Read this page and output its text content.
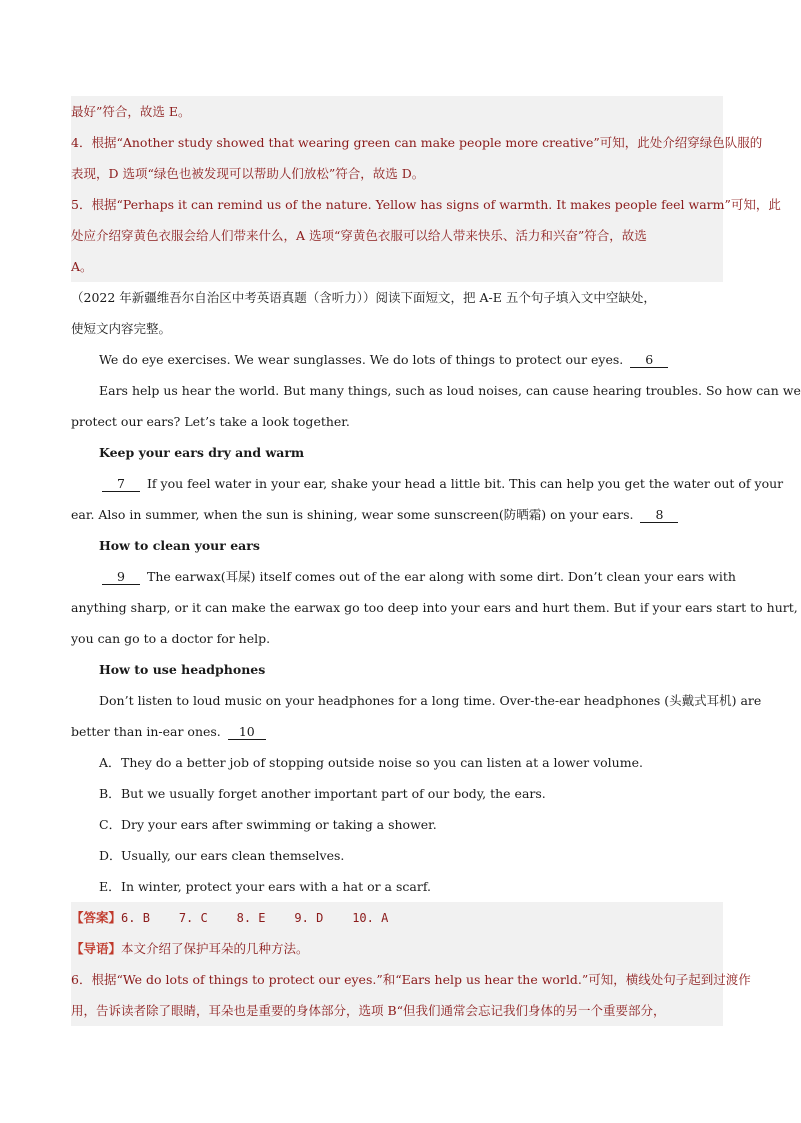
最好”符合，故选 E。
4．根据“Another study showed that wearing green can make people more creative”可知，此处介绍穿绿色队服的
表现，D 选项“绿色也被发现可以帮助人们放松”符合，故选 D。
5．根据“Perhaps it can remind us of the nature. Yellow has signs of warmth. It makes people feel warm”可知，此
处应介绍穿黄色衣服会给人们带来什么，A 选项“穿黄色衣服可以给人带来快乐、活力和兴奋”符合，故选
A。
（2022 年新疆维吾尔自治区中考英语真题（含听力））阅读下面短文，把 A-E 五个句子填入文中空缺处，
使短文内容完整。
We do eye exercises. We wear sunglasses. We do lots of things to protect our eyes. 6
Ears help us hear the world. But many things, such as loud noises, can cause hearing troubles. So how can we
protect our ears? Let’s take a look together.
Keep your ears dry and warm
7 If you feel water in your ear, shake your head a little bit. This can help you get the water out of your
ear. Also in summer, when the sun is shining, wear some sunscreen(防晒霜) on your ears. 8
How to clean your ears
9 The earwax(耳屎) itself comes out of the ear along with some dirt. Don’t clean your ears with
anything sharp, or it can make the earwax go too deep into your ears and hurt them. But if your ears start to hurt,
you can go to a doctor for help.
How to use headphones
Don’t listen to loud music on your headphones for a long time. Over-the-ear headphones (头戴式耳机) are
better than in-ear ones. 10
A．They do a better job of stopping outside noise so you can listen at a lower volume.
B．But we usually forget another important part of our body, the ears.
C．Dry your ears after swimming or taking a shower.
D．Usually, our ears clean themselves.
E．In winter, protect your ears with a hat or a scarf.
【答案】6. B    7. C    8. E    9. D    10. A
【导语】本文介绍了保护耳朵的几种方法。
6．根据“We do lots of things to protect our eyes.”和“Ears help us hear the world.”可知，横线处句子起到过渡作
用，告诉读者除了眼睛，耳朵也是重要的身体部分，选项 B“但我们通常会忘记我们身体的另一个重要部分，
